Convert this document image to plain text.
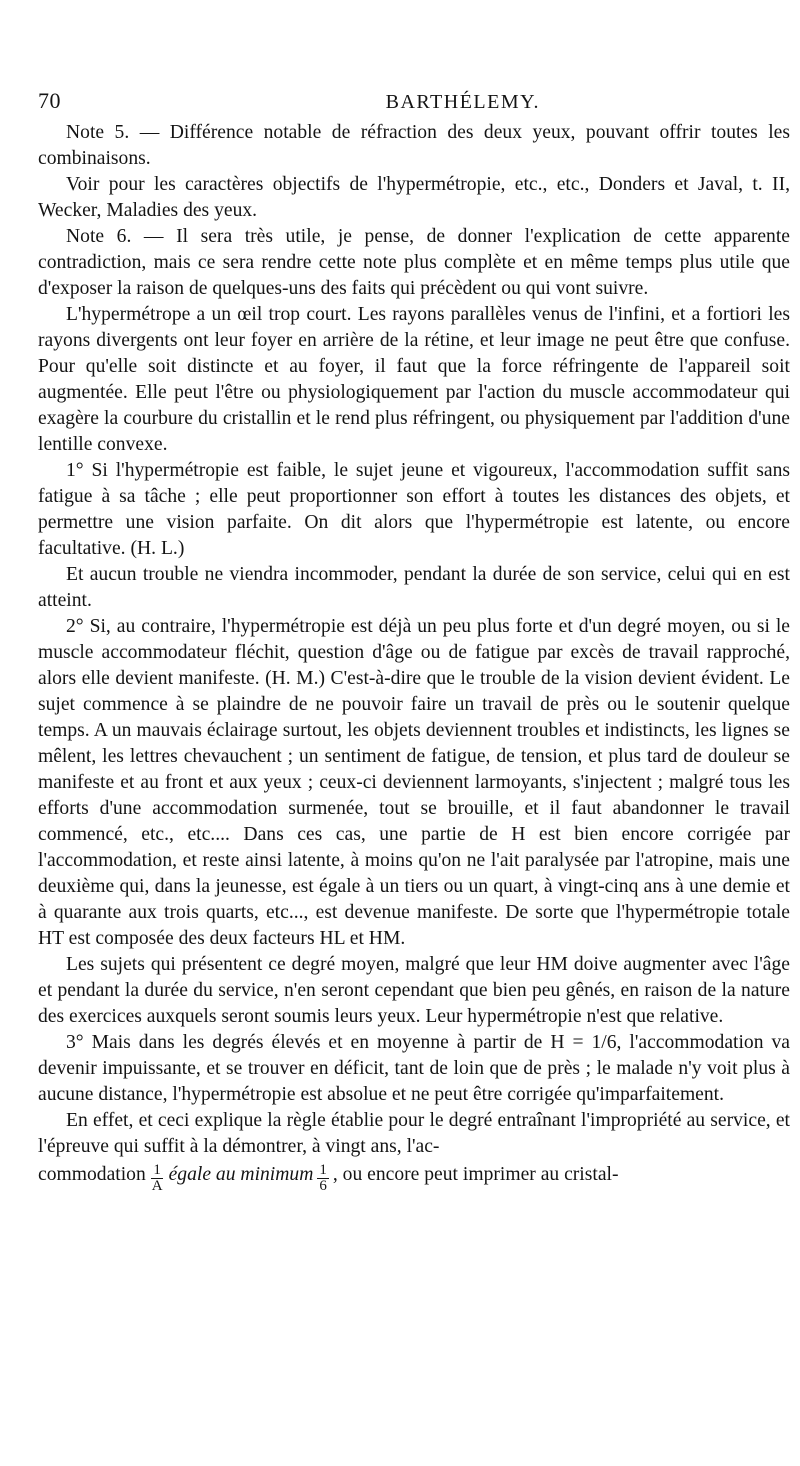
70	BARTHÉLEMY.

Note 5. — Différence notable de réfraction des deux yeux, pouvant offrir toutes les combinaisons.

Voir pour les caractères objectifs de l'hypermétropie, etc., etc., Donders et Javal, t. II, Wecker, Maladies des yeux.

Note 6. — Il sera très utile, je pense, de donner l'explication de cette apparente contradiction, mais ce sera rendre cette note plus complète et en même temps plus utile que d'exposer la raison de quelques-uns des faits qui précèdent ou qui vont suivre.

L'hypermétrope a un œil trop court. Les rayons parallèles venus de l'infini, et a fortiori les rayons divergents ont leur foyer en arrière de la rétine, et leur image ne peut être que confuse. Pour qu'elle soit distincte et au foyer, il faut que la force réfringente de l'appareil soit augmentée. Elle peut l'être ou physiologiquement par l'action du muscle accommodateur qui exagère la courbure du cristallin et le rend plus réfringent, ou physiquement par l'addition d'une lentille convexe.

1° Si l'hypermétropie est faible, le sujet jeune et vigoureux, l'accommodation suffit sans fatigue à sa tâche ; elle peut proportionner son effort à toutes les distances des objets, et permettre une vision parfaite. On dit alors que l'hypermétropie est latente, ou encore facultative. (H. L.)

Et aucun trouble ne viendra incommoder, pendant la durée de son service, celui qui en est atteint.

2° Si, au contraire, l'hypermétropie est déjà un peu plus forte et d'un degré moyen, ou si le muscle accommodateur fléchit, question d'âge ou de fatigue par excès de travail rapproché, alors elle devient manifeste. (H. M.) C'est-à-dire que le trouble de la vision devient évident. Le sujet commence à se plaindre de ne pouvoir faire un travail de près ou le soutenir quelque temps. A un mauvais éclairage surtout, les objets deviennent troubles et indistincts, les lignes se mêlent, les lettres chevauchent ; un sentiment de fatigue, de tension, et plus tard de douleur se manifeste et au front et aux yeux ; ceux-ci deviennent larmoyants, s'injectent ; malgré tous les efforts d'une accommodation surmenée, tout se brouille, et il faut abandonner le travail commencé, etc., etc.... Dans ces cas, une partie de H est bien encore corrigée par l'accommodation, et reste ainsi latente, à moins qu'on ne l'ait paralysée par l'atropine, mais une deuxième qui, dans la jeunesse, est égale à un tiers ou un quart, à vingt-cinq ans à une demie et à quarante aux trois quarts, etc..., est devenue manifeste. De sorte que l'hypermétropie totale HT est composée des deux facteurs HL et HM.

Les sujets qui présentent ce degré moyen, malgré que leur HM doive augmenter avec l'âge et pendant la durée du service, n'en seront cependant que bien peu gênés, en raison de la nature des exercices auxquels seront soumis leurs yeux. Leur hypermétropie n'est que relative.

3° Mais dans les degrés élevés et en moyenne à partir de H = 1/6, l'accommodation va devenir impuissante, et se trouver en déficit, tant de loin que de près ; le malade n'y voit plus à aucune distance, l'hypermétropie est absolue et ne peut être corrigée qu'imparfaitement.

En effet, et ceci explique la règle établie pour le degré entraînant l'impropriété au service, et l'épreuve qui suffit à la démontrer, à vingt ans, l'ac-

commodation $\frac{1}{A}$ égale au minimum $\frac{1}{6}$ , ou encore peut imprimer au cristal-
